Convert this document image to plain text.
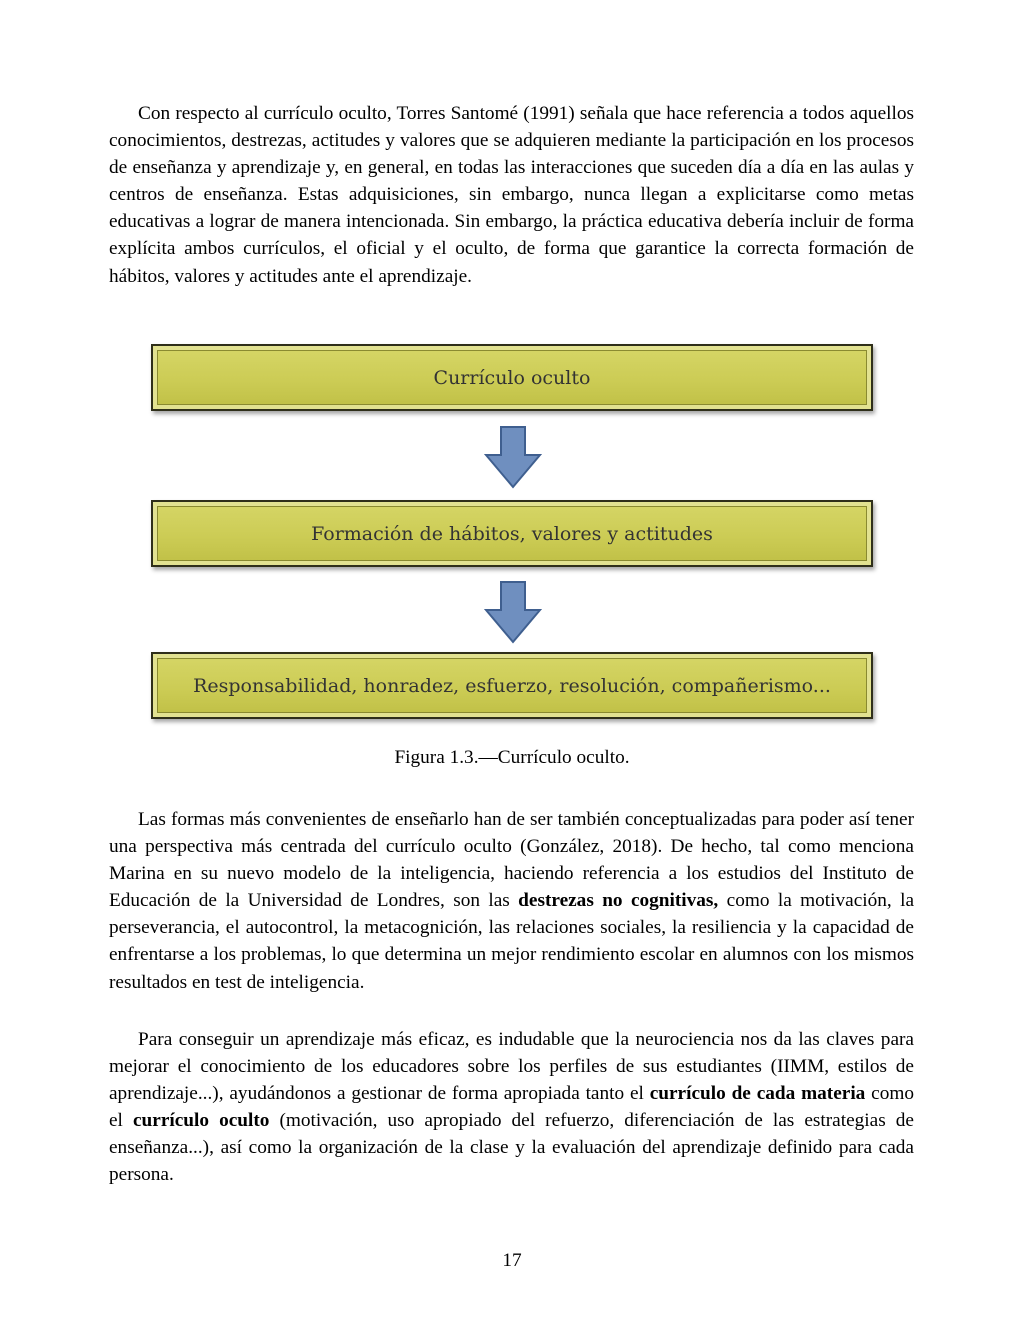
Con respecto al currículo oculto, Torres Santomé (1991) señala que hace referencia a todos aquellos conocimientos, destrezas, actitudes y valores que se adquieren mediante la participación en los procesos de enseñanza y aprendizaje y, en general, en todas las interacciones que suceden día a día en las aulas y centros de enseñanza. Estas adquisiciones, sin embargo, nunca llegan a explicitarse como metas educativas a lograr de manera intencionada. Sin embargo, la práctica educativa debería incluir de forma explícita ambos currículos, el oficial y el oculto, de forma que garantice la correcta formación de hábitos, valores y actitudes ante el aprendizaje.

Currículo oculto
Formación de hábitos, valores y actitudes
Responsabilidad, honradez, esfuerzo, resolución, compañerismo...
Figura 1.3.—Currículo oculto.

Las formas más convenientes de enseñarlo han de ser también conceptualizadas para poder así tener una perspectiva más centrada del currículo oculto (González, 2018). De hecho, tal como menciona Marina en su nuevo modelo de la inteligencia, haciendo referencia a los estudios del Instituto de Educación de la Universidad de Londres, son las destrezas no cognitivas, como la motivación, la perseverancia, el autocontrol, la metacognición, las relaciones sociales, la resiliencia y la capacidad de enfrentarse a los problemas, lo que determina un mejor rendimiento escolar en alumnos con los mismos resultados en test de inteligencia.

Para conseguir un aprendizaje más eficaz, es indudable que la neurociencia nos da las claves para mejorar el conocimiento de los educadores sobre los perfiles de sus estudiantes (IIMM, estilos de aprendizaje...), ayudándonos a gestionar de forma apropiada tanto el currículo de cada materia como el currículo oculto (motivación, uso apropiado del refuerzo, diferenciación de las estrategias de enseñanza...), así como la organización de la clase y la evaluación del aprendizaje definido para cada persona.

17
